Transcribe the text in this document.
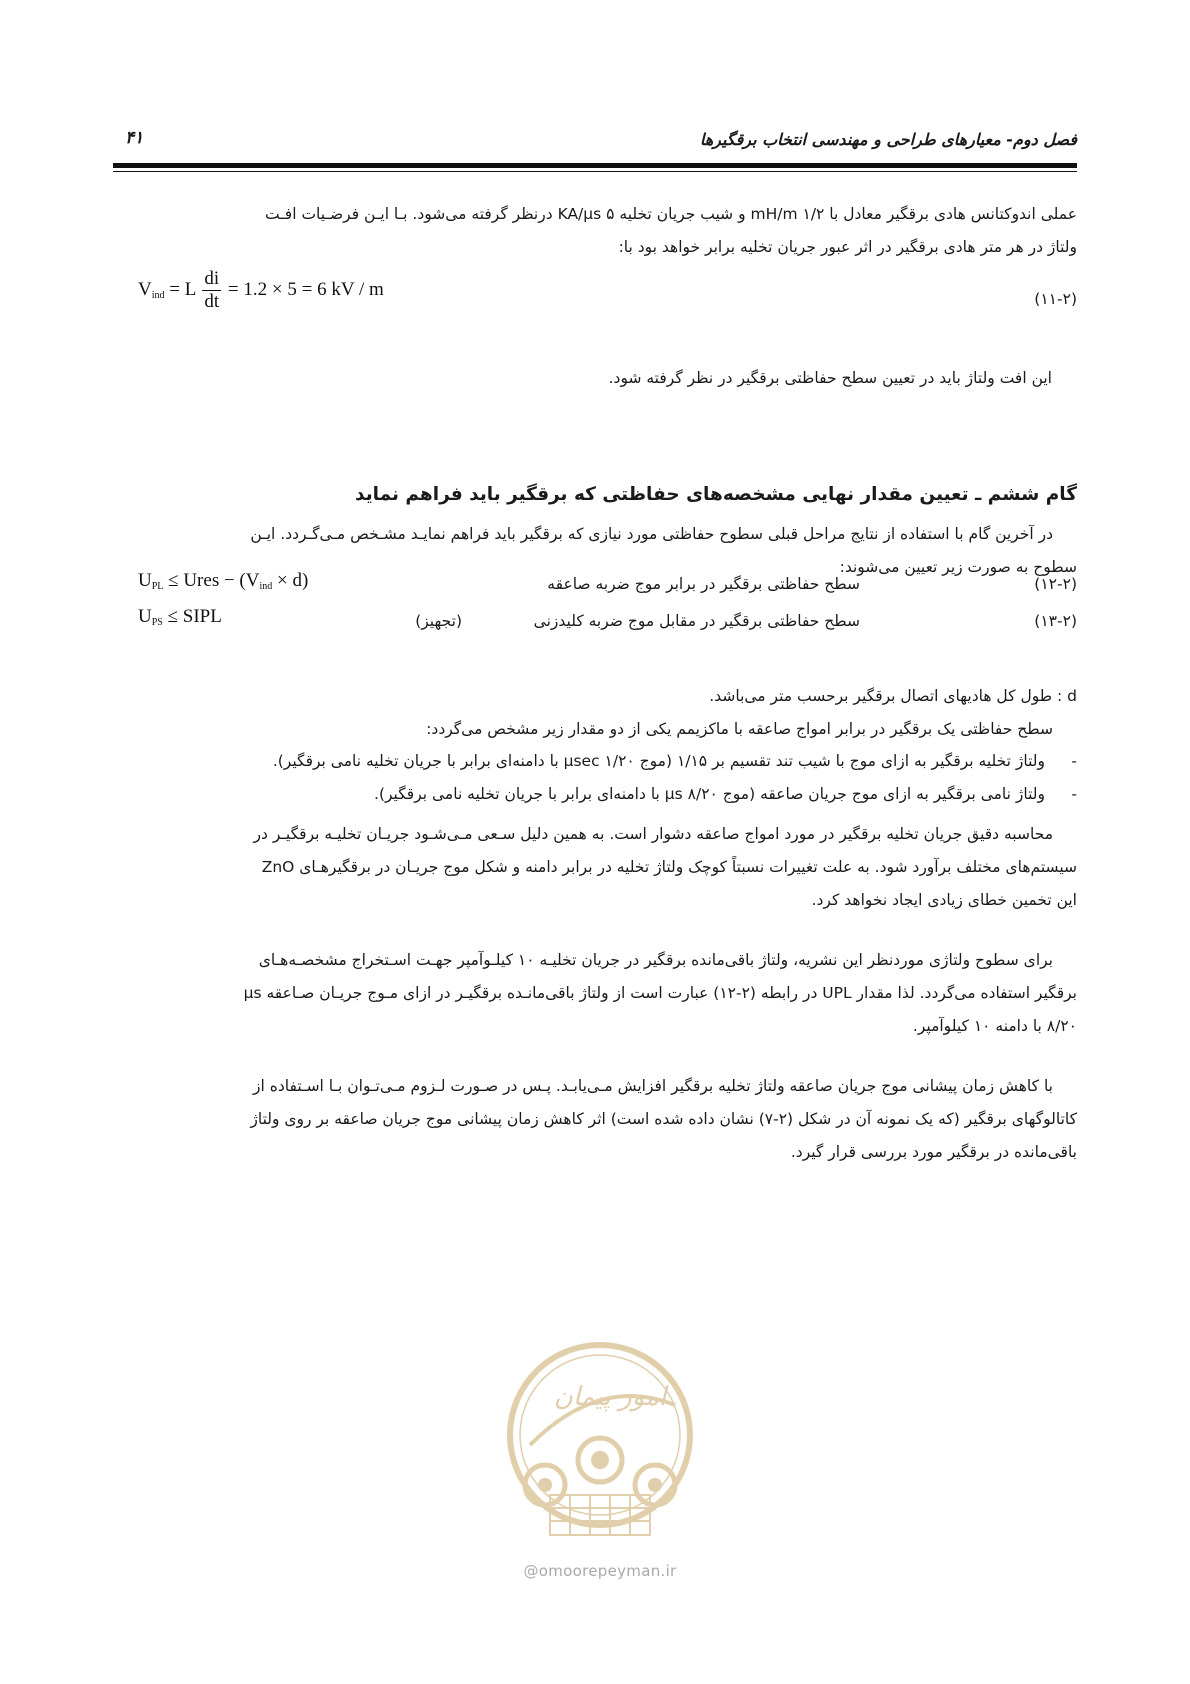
فصل دوم- معیارهای طراحی و مهندسی انتخاب برقگیرها
۴۱
عملی اندوکتانس هادی برقگیر معادل با ۱/۲ mH/m و شیب جریان تخلیه ۵ KA/μs درنظر گرفته می‌شود. بـا ایـن فرضـیات افـت
ولتاژ در هر متر هادی برقگیر در اثر عبور جریان تخلیه برابر خواهد بود با:
$V_{ind} = L \frac{di}{dt} = 1.2 \times 5 = 6$ kV / m	(۱۱-۲)
این افت ولتاژ باید در تعیین سطح حفاظتی برقگیر در نظر گرفته شود.
گام ششم ـ تعیین مقدار نهایی مشخصه‌های حفاظتی که برقگیر باید فراهم نماید
در آخرین گام با استفاده از نتایج مراحل قبلی سطوح حفاظتی مورد نیازی که برقگیر باید فراهم نمایـد مشـخص مـی‌گـردد. ایـن
سطوح به صورت زیر تعیین می‌شوند:
$U_{PL}$ ≤ Ures − $(V_{ind} \times d)$	سطح حفاظتی برقگیر در برابر موج ضربه صاعقه	(۱۲-۲)
$U_{PS}$ ≤ SIPL	(تجهیز)	سطح حفاظتی برقگیر در مقابل موج ضربه کلیدزنی	(۱۳-۲)
d : طول کل هادیهای اتصال برقگیر برحسب متر می‌باشد.
سطح حفاظتی یک برقگیر در برابر امواج صاعقه با ماکزیمم یکی از دو مقدار زیر مشخص می‌گردد:
-ولتاژ تخلیه برقگیر به ازای موج با شیب تند تقسیم بر ۱/۱۵ (موج μsec ۱/۲۰ با دامنه‌ای برابر با جریان تخلیه نامی برقگیر).
-ولتاژ نامی برقگیر به ازای موج جریان صاعقه (موج μs ۸/۲۰ با دامنه‌ای برابر با جریان تخلیه نامی برقگیر).
محاسبه دقیق جریان تخلیه برقگیر در مورد امواج صاعقه دشوار است. به همین دلیل سـعی مـی‌شـود جریـان تخلیـه برقگیـر در
سیستم‌های مختلف برآورد شود. به علت تغییرات نسبتاً کوچک ولتاژ تخلیه در برابر دامنه و شکل موج جریـان در برقگیرهـای ZnO
این تخمین خطای زیادی ایجاد نخواهد کرد.
برای سطوح ولتاژی موردنظر این نشریه، ولتاژ باقی‌مانده برقگیر در جریان تخلیـه ۱۰ کیلـوآمپر جهـت اسـتخراج مشخصـه‌هـای
برقگیر استفاده می‌گردد. لذا مقدار UPL در رابطه (۲-۱۲) عبارت است از ولتاژ باقی‌مانـده برقگیـر در ازای مـوج جریـان صـاعقه μs
۸/۲۰ با دامنه ۱۰ کیلوآمپر.
با کاهش زمان پیشانی موج جریان صاعقه ولتاژ تخلیه برقگیر افزایش مـی‌یابـد. پـس در صـورت لـزوم مـی‌تـوان بـا اسـتفاده از
کاتالوگهای برقگیر (که یک نمونه آن در شکل (۲-۷) نشان داده شده است) اثر کاهش زمان پیشانی موج جریان صاعقه بر روی ولتاژ
باقی‌مانده در برقگیر مورد بررسی قرار گیرد.
امور پیمان
@omoorepeyman.ir
